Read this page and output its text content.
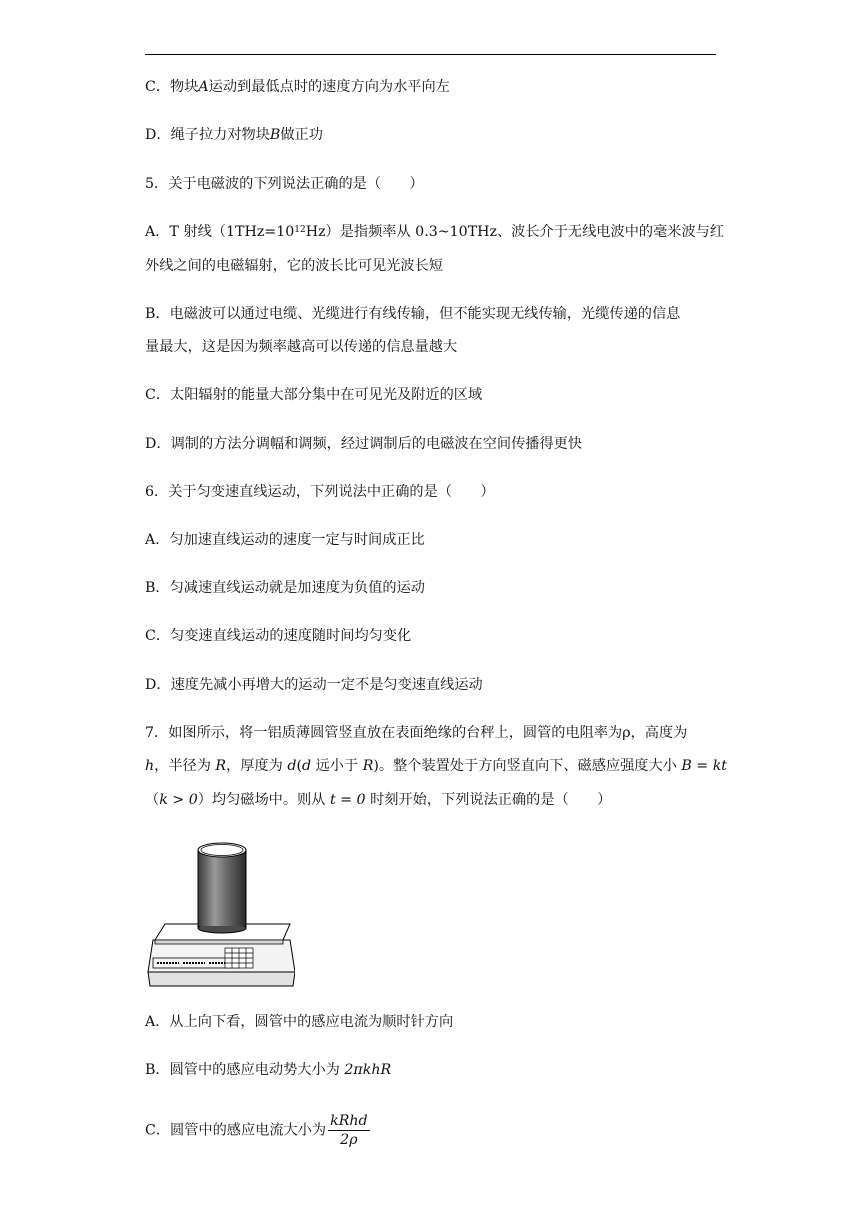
C．物块A运动到最低点时的速度方向为水平向左
D．绳子拉力对物块B做正功
5．关于电磁波的下列说法正确的是（　　）
A．T 射线$(1THz=10^{12}Hz)$是指频率从 0.3~10THz、波长介于无线电波中的毫米波与红
外线之间的电磁辐射，它的波长比可见光波长短
B．电磁波可以通过电缆、光缆进行有线传输，但不能实现无线传输，光缆传递的信息
量最大，这是因为频率越高可以传递的信息量越大
C．太阳辐射的能量大部分集中在可见光及附近的区域
D．调制的方法分调幅和调频，经过调制后的电磁波在空间传播得更快
6．关于匀变速直线运动，下列说法中正确的是（　　）
A．匀加速直线运动的速度一定与时间成正比
B．匀减速直线运动就是加速度为负值的运动
C．匀变速直线运动的速度随时间均匀变化
D．速度先减小再增大的运动一定不是匀变速直线运动
7．如图所示，将一铝质薄圆管竖直放在表面绝缘的台秤上，圆管的电阻率为ρ，高度为
h，半径为 R，厚度为 d(d 远小于 R)。整个装置处于方向竖直向下、磁感应强度大小 B = kt
（k > 0）均匀磁场中。则从 t = 0 时刻开始，下列说法正确的是（　　）
A．从上向下看，圆管中的感应电流为顺时针方向
B．圆管中的感应电动势大小为 2πkhR
C．圆管中的感应电流大小为 $\frac{\text{kRhd}}{2\rho}$
